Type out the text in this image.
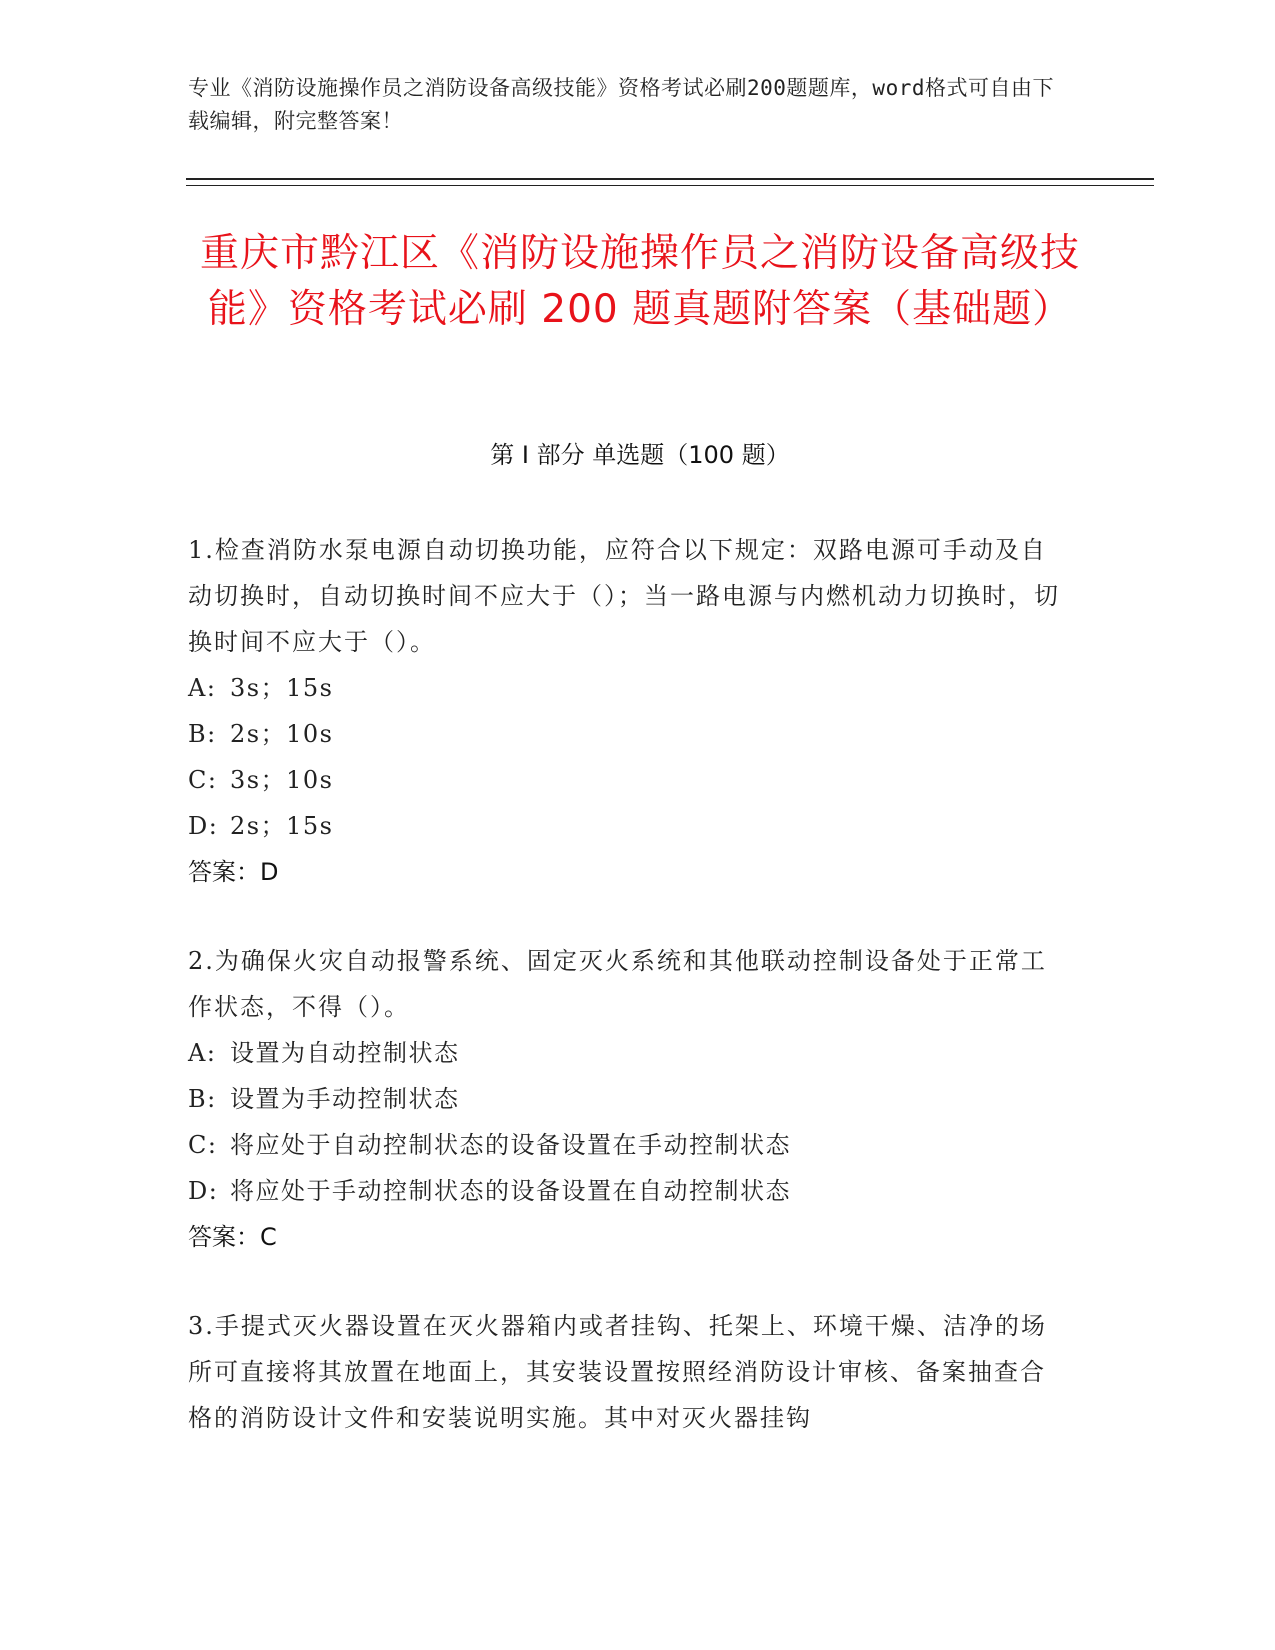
专业《消防设施操作员之消防设备高级技能》资格考试必刷200题题库，word格式可自由下载编辑，附完整答案！
重庆市黔江区《消防设施操作员之消防设备高级技能》资格考试必刷 200 题真题附答案（基础题）
第 I 部分 单选题（100 题）

1.检查消防水泵电源自动切换功能，应符合以下规定：双路电源可手动及自动切换时，自动切换时间不应大于（）；当一路电源与内燃机动力切换时，切换时间不应大于（）。

A: 3s；15s

B: 2s；10s

C: 3s；10s

D: 2s；15s

答案：D

2.为确保火灾自动报警系统、固定灭火系统和其他联动控制设备处于正常工作状态，不得（）。

A: 设置为自动控制状态

B: 设置为手动控制状态

C: 将应处于自动控制状态的设备设置在手动控制状态

D: 将应处于手动控制状态的设备设置在自动控制状态

答案：C

3.手提式灭火器设置在灭火器箱内或者挂钩、托架上、环境干燥、洁净的场所可直接将其放置在地面上，其安装设置按照经消防设计审核、备案抽查合格的消防设计文件和安装说明实施。其中对灭火器挂钩
